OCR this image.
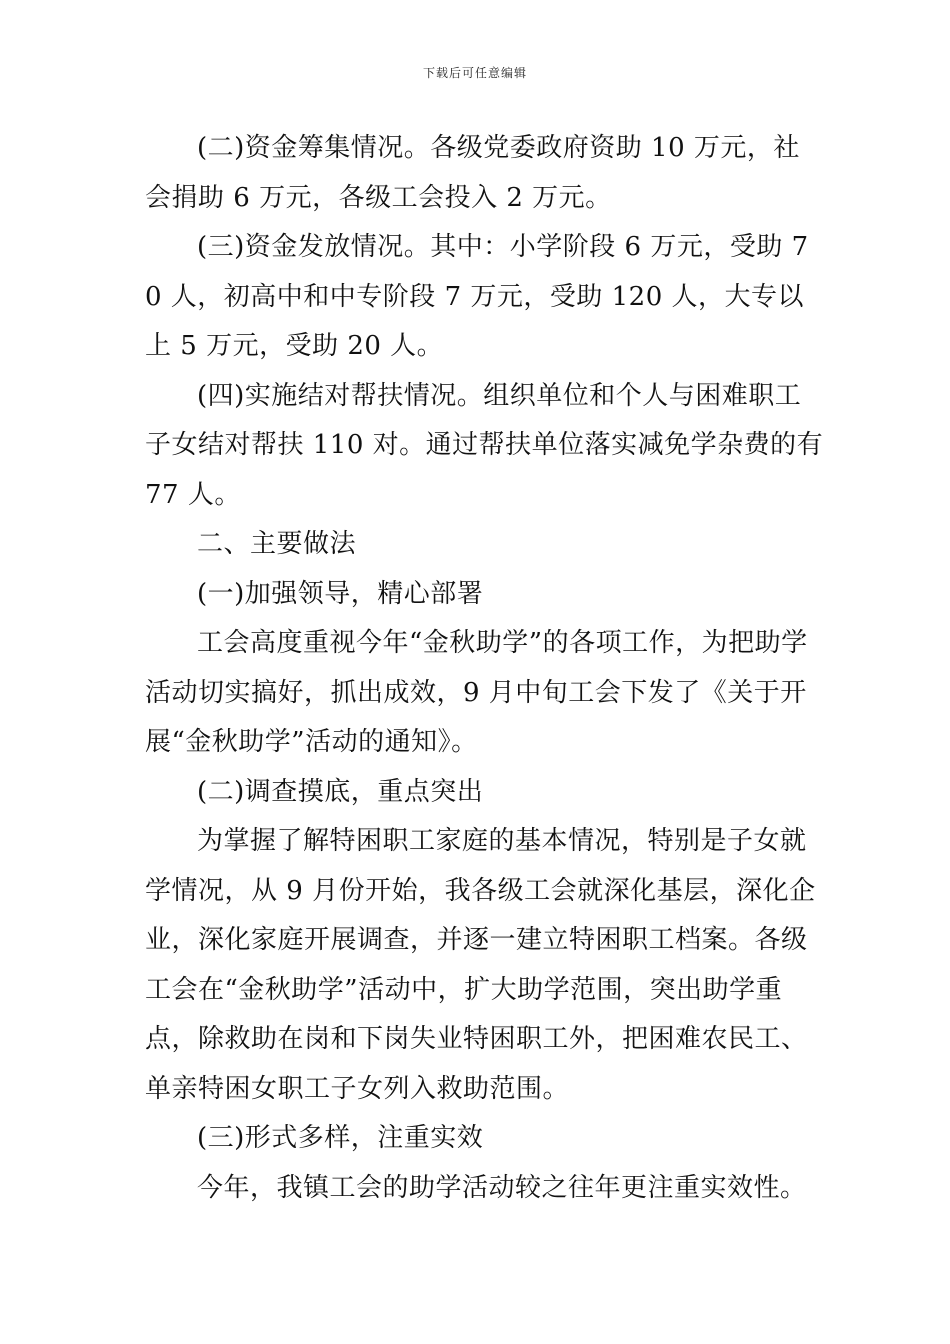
下载后可任意编辑

(二)资金筹集情况。各级党委政府资助 10 万元，社会捐助 6 万元，各级工会投入 2 万元。

(三)资金发放情况。其中：小学阶段 6 万元，受助 70 人，初高中和中专阶段 7 万元，受助 120 人，大专以上 5 万元，受助 20 人。

(四)实施结对帮扶情况。组织单位和个人与困难职工子女结对帮扶 110 对。通过帮扶单位落实减免学杂费的有 77 人。

二、主要做法

(一)加强领导，精心部署

工会高度重视今年“金秋助学”的各项工作，为把助学活动切实搞好，抓出成效，9 月中旬工会下发了《关于开展“金秋助学”活动的通知》。

(二)调查摸底，重点突出

为掌握了解特困职工家庭的基本情况，特别是子女就学情况，从 9 月份开始，我各级工会就深化基层，深化企业，深化家庭开展调查，并逐一建立特困职工档案。各级工会在“金秋助学”活动中，扩大助学范围，突出助学重点，除救助在岗和下岗失业特困职工外，把困难农民工、单亲特困女职工子女列入救助范围。

(三)形式多样，注重实效

今年，我镇工会的助学活动较之往年更注重实效性。
